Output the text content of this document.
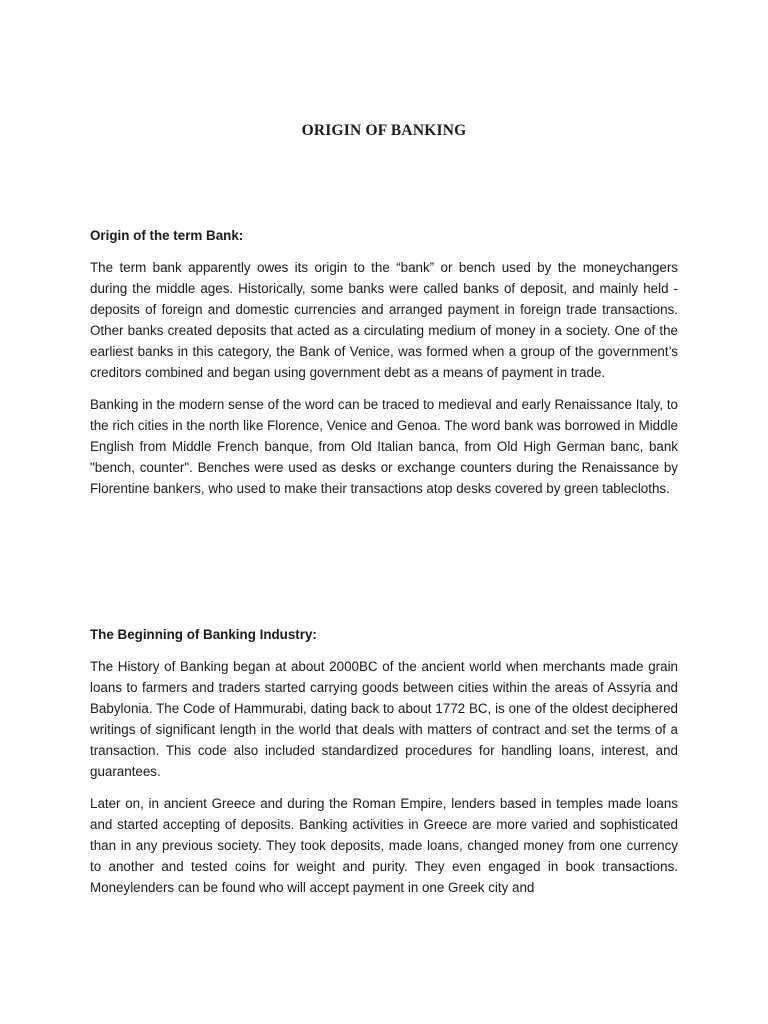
ORIGIN OF BANKING

Origin of the term Bank:

The term bank apparently owes its origin to the “bank” or bench used by the moneychangers during the middle ages. Historically, some banks were called banks of deposit, and mainly held - deposits of foreign and domestic currencies and arranged payment in foreign trade transactions. Other banks created deposits that acted as a circulating medium of money in a society. One of the earliest banks in this category, the Bank of Venice, was formed when a group of the government’s creditors combined and began using government debt as a means of payment in trade.

Banking in the modern sense of the word can be traced to medieval and early Renaissance Italy, to the rich cities in the north like Florence, Venice and Genoa. The word bank was borrowed in Middle English from Middle French banque, from Old Italian banca, from Old High German banc, bank "bench, counter". Benches were used as desks or exchange counters during the Renaissance by Florentine bankers, who used to make their transactions atop desks covered by green tablecloths.

The Beginning of Banking Industry:

The History of Banking began at about 2000BC of the ancient world when merchants made grain loans to farmers and traders started carrying goods between cities within the areas of Assyria and Babylonia. The Code of Hammurabi, dating back to about 1772 BC, is one of the oldest deciphered writings of significant length in the world that deals with matters of contract and set the terms of a transaction. This code also included standardized procedures for handling loans, interest, and guarantees.

Later on, in ancient Greece and during the Roman Empire, lenders based in temples made loans and started accepting of deposits. Banking activities in Greece are more varied and sophisticated than in any previous society. They took deposits, made loans, changed money from one currency to another and tested coins for weight and purity. They even engaged in book transactions. Moneylenders can be found who will accept payment in one Greek city and
